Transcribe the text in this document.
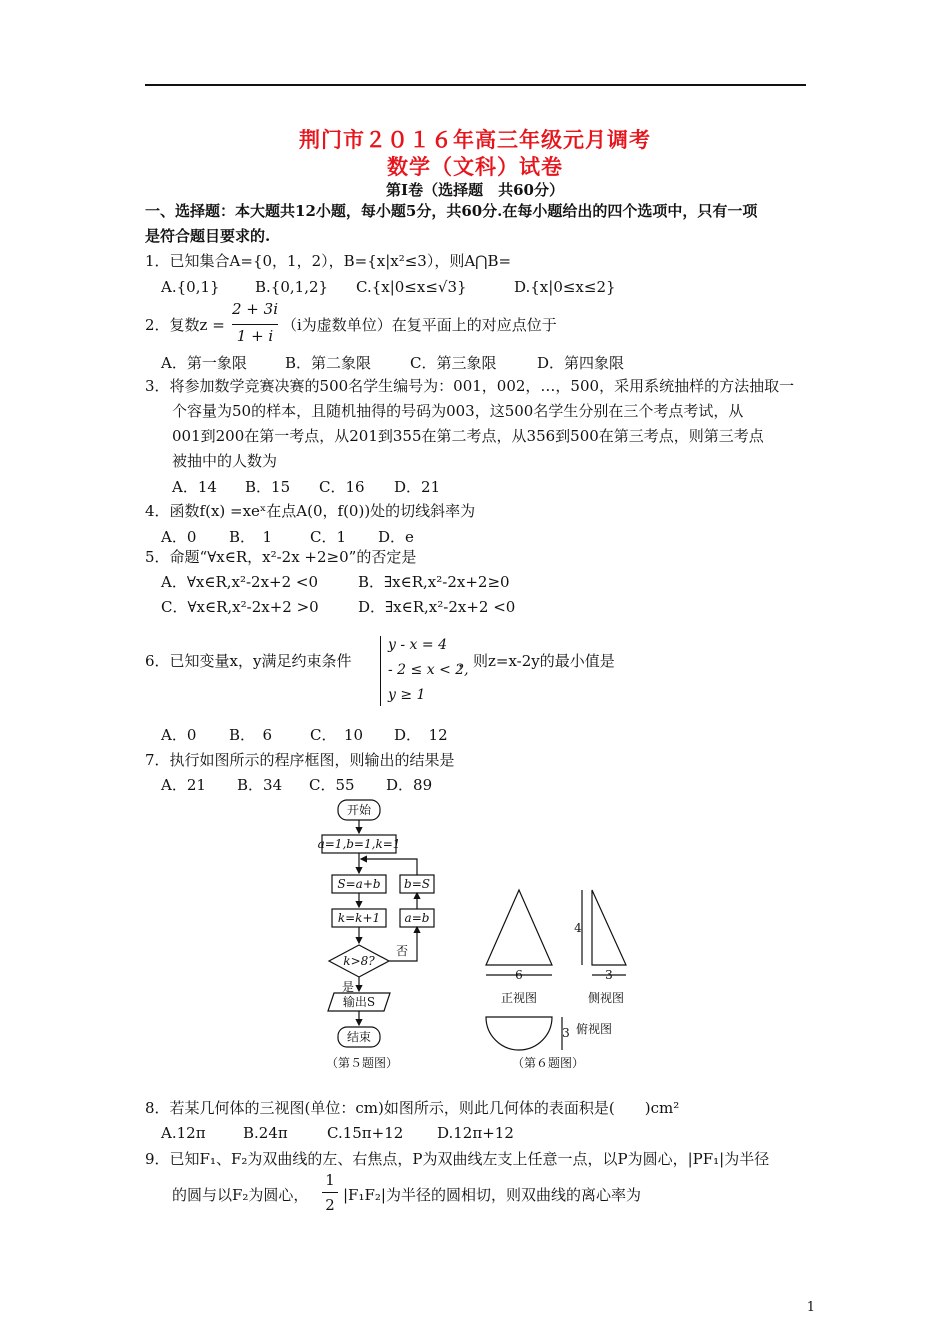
荆门市２０１６年高三年级元月调考
数学（文科）试卷
第Ⅰ卷（选择题　共60分）
一、选择题：本大题共12小题，每小题5分，共60分.在每小题给出的四个选项中，只有一项
是符合题目要求的.
1．已知集合A={0，1，2），B={x|x²≤3），则A⋂B=
A.{0,1} B.{0,1,2} C.{x|0≤x≤√3}	D.{x|0≤x≤2}
2．复数z =
2 + 3i
1 + i
（i为虚数单位）在复平面上的对应点位于
A．第一象限	B．第二象限	C．第三象限	D．第四象限
3．将参加数学竞赛决赛的500名学生编号为：001，002，…，500，采用系统抽样的方法抽取一
个容量为50的样本，且随机抽得的号码为003，这500名学生分别在三个考点考试，从
001到200在第一考点，从201到355在第二考点，从356到500在第三考点，则第三考点
被抽中的人数为
A．14 B．15 C．16 D．21
4．函数f(x) =xeˣ在点A(0，f(0))处的切线斜率为
A．0 B．　1	C．1 D．e
5．命题“∀x∈R，x²-2x +2≥0”的否定是
A．∀x∈R,x²-2x+2 <0	B．∃x∈R,x²-2x+2≥0
C．∀x∈R,x²-2x+2 >0	D．∃x∈R,x²-2x+2 <0
6．已知变量x，y满足约束条件
y - x = 4
- 2 ≤ x < 2,
y ≥ 1
，则z=x-2y的最小值是
A．0 B．　6	C．　10 D．　12
7．执行如图所示的程序框图，则输出的结果是
A．21 B．34 C．55 D．89
开始
a=1,b=1,k=1
S=a+b
k=k+1
b=S
a=b
k>8?
否
是
输出S
结束
（第５题图）
6
4
3
3
正视图	侧视图
俯视图
（第６题图）
8．若某几何体的三视图(单位：cm)如图所示，则此几何体的表面积是(　　)cm²
A.12π B.24π	C.15π+12 D.12π+12
9．已知F₁、F₂为双曲线的左、右焦点，P为双曲线左支上任意一点，以P为圆心，|PF₁|为半径
的圆与以F₂为圆心，
1
2
|F₁F₂|为半径的圆相切，则双曲线的离心率为
1
